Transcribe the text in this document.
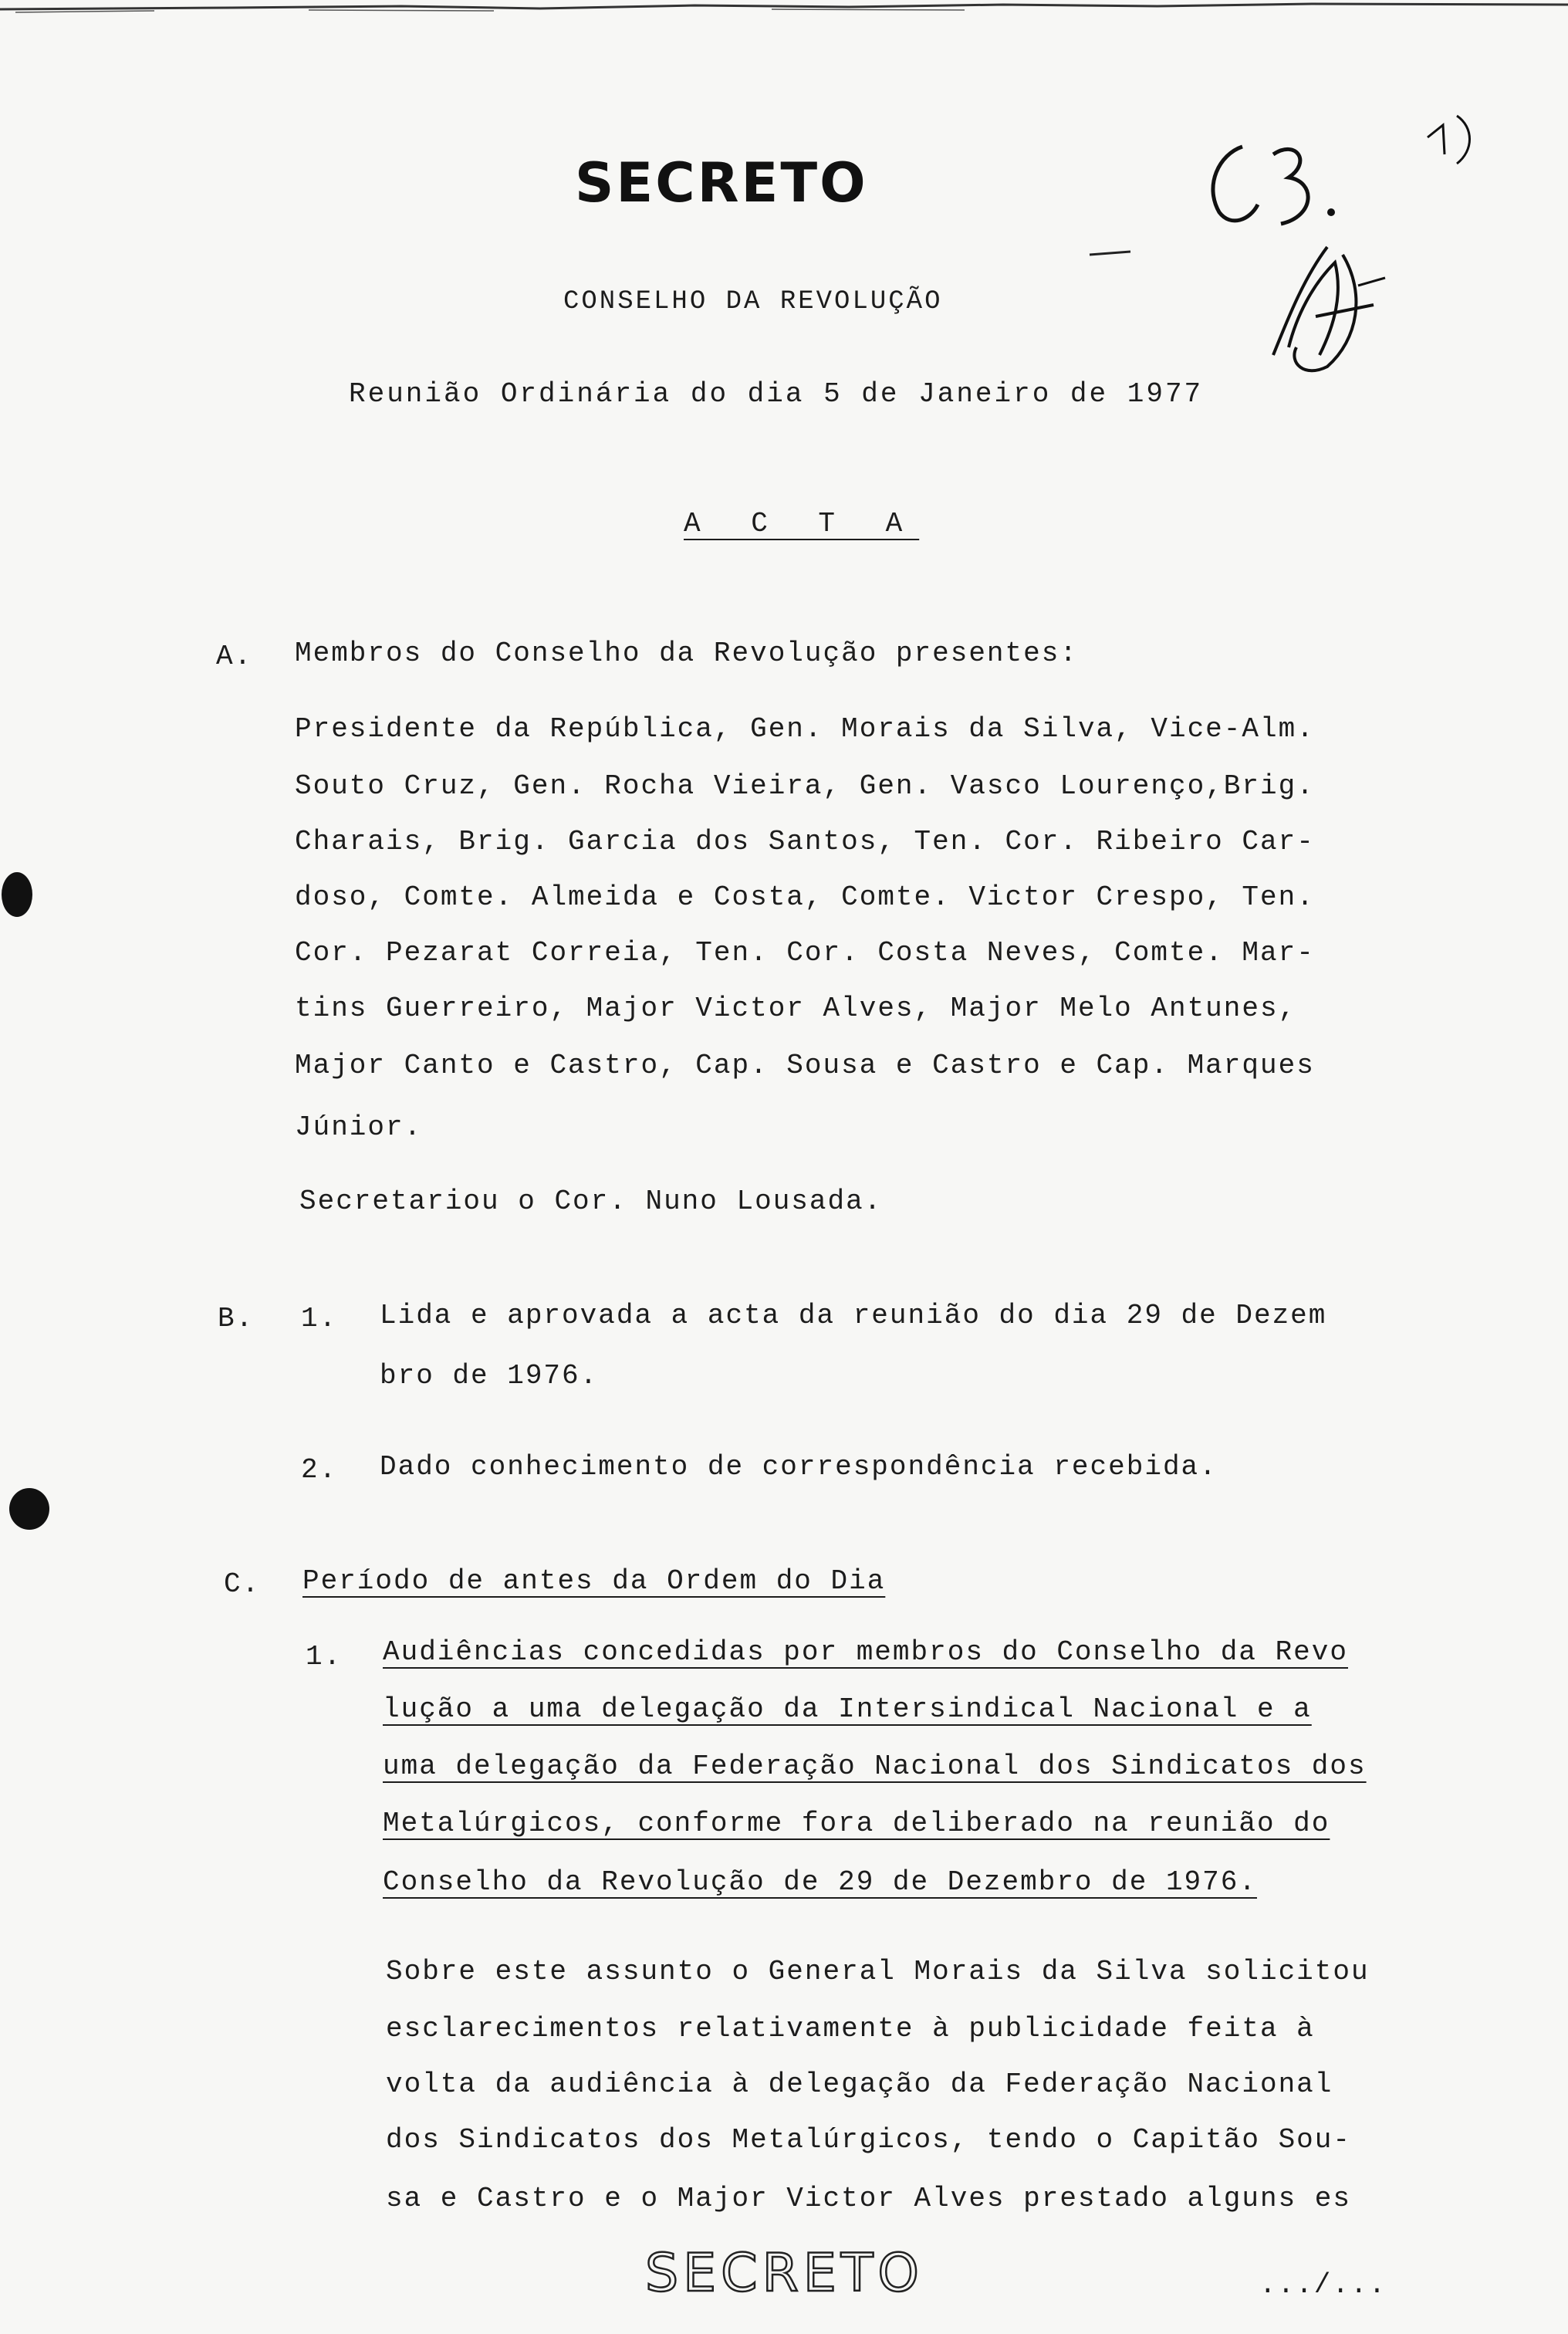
SECRETO
CONSELHO DA REVOLUÇÃO
Reunião Ordinária do dia 5 de Janeiro de 1977
A C T A
A. Membros do Conselho da Revolução presentes:
Presidente da República, Gen. Morais da Silva, Vice-Alm.
Souto Cruz, Gen. Rocha Vieira, Gen. Vasco Lourenço,Brig.
Charais, Brig. Garcia dos Santos, Ten. Cor. Ribeiro Car-
doso, Comte. Almeida e Costa, Comte. Victor Crespo, Ten.
Cor. Pezarat Correia, Ten. Cor. Costa Neves, Comte. Mar-
tins Guerreiro, Major Victor Alves, Major Melo Antunes,
Major Canto e Castro, Cap. Sousa e Castro e Cap. Marques
Júnior.
Secretariou o Cor. Nuno Lousada.
B. 1. Lida e aprovada a acta da reunião do dia 29 de Dezem
bro de 1976.
2. Dado conhecimento de correspondência recebida.
C. Período de antes da Ordem do Dia
1. Audiências concedidas por membros do Conselho da Revo
lução a uma delegação da Intersindical Nacional e a
uma delegação da Federação Nacional dos Sindicatos dos
Metalúrgicos, conforme fora deliberado na reunião do
Conselho da Revolução de 29 de Dezembro de 1976.
Sobre este assunto o General Morais da Silva solicitou
esclarecimentos relativamente à publicidade feita à
volta da audiência à delegação da Federação Nacional
dos Sindicatos dos Metalúrgicos, tendo o Capitão Sou-
sa e Castro e o Major Victor Alves prestado alguns es
SECRETO	.../...
